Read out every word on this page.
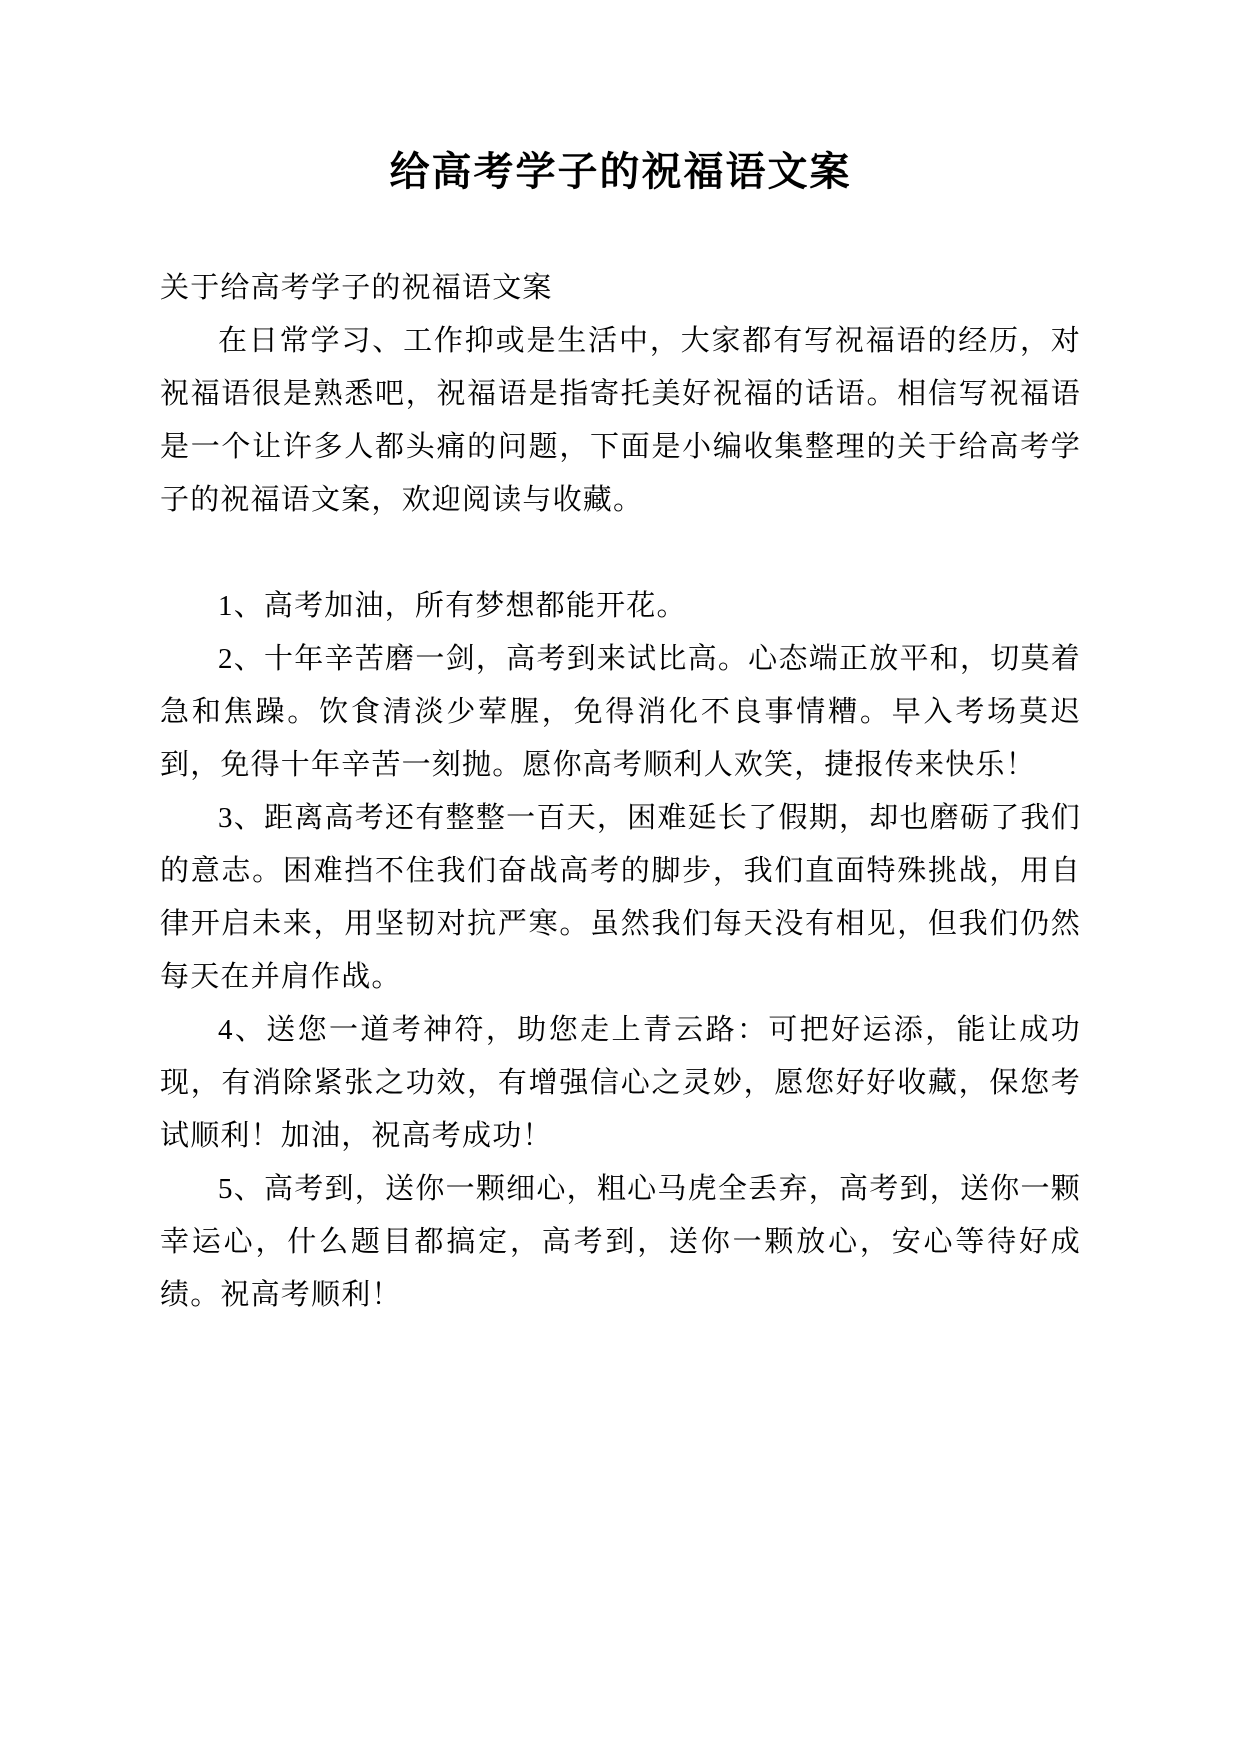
给高考学子的祝福语文案

关于给高考学子的祝福语文案

在日常学习、工作抑或是生活中，大家都有写祝福语的经历，对祝福语很是熟悉吧，祝福语是指寄托美好祝福的话语。相信写祝福语是一个让许多人都头痛的问题，下面是小编收集整理的关于给高考学子的祝福语文案，欢迎阅读与收藏。

1、高考加油，所有梦想都能开花。

2、十年辛苦磨一剑，高考到来试比高。心态端正放平和，切莫着急和焦躁。饮食清淡少荤腥，免得消化不良事情糟。早入考场莫迟到，免得十年辛苦一刻抛。愿你高考顺利人欢笑，捷报传来快乐！

3、距离高考还有整整一百天，困难延长了假期，却也磨砺了我们的意志。困难挡不住我们奋战高考的脚步，我们直面特殊挑战，用自律开启未来，用坚韧对抗严寒。虽然我们每天没有相见，但我们仍然每天在并肩作战。

4、送您一道考神符，助您走上青云路：可把好运添，能让成功现，有消除紧张之功效，有增强信心之灵妙，愿您好好收藏，保您考试顺利！加油，祝高考成功！

5、高考到，送你一颗细心，粗心马虎全丢弃，高考到，送你一颗幸运心，什么题目都搞定，高考到，送你一颗放心，安心等待好成绩。祝高考顺利！
